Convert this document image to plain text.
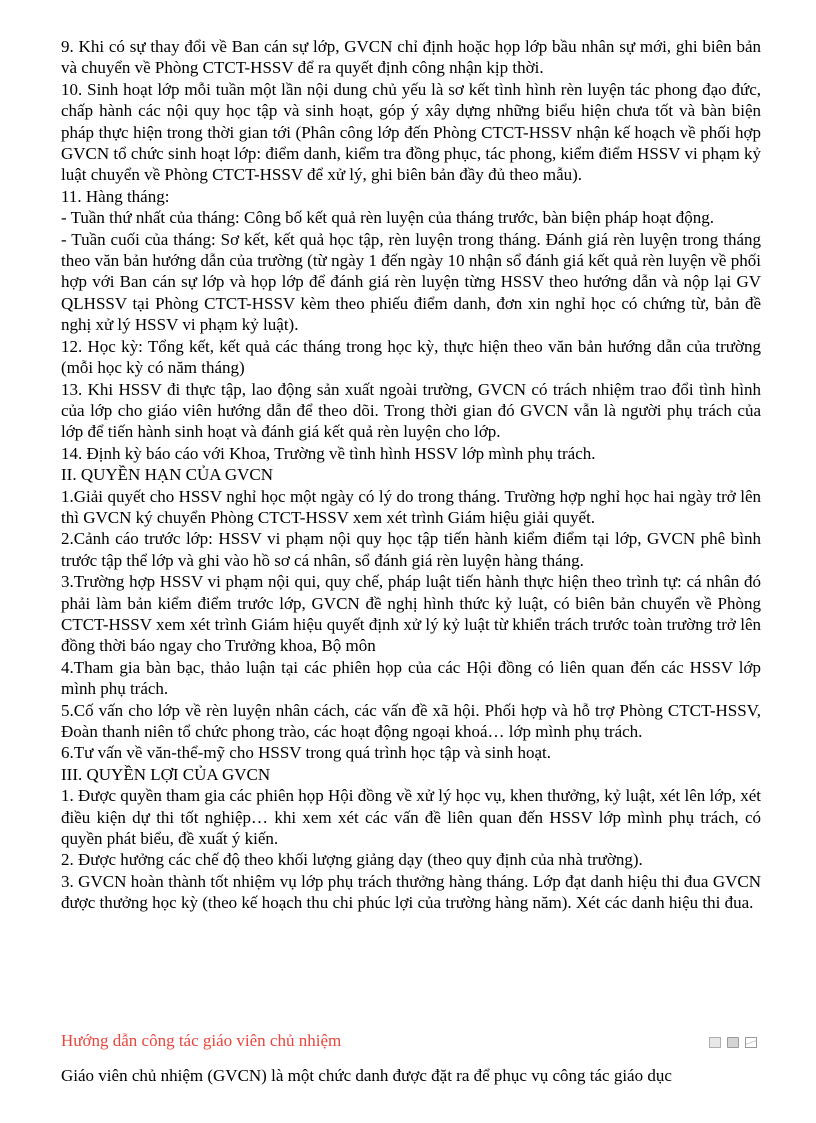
9. Khi có sự thay đổi về Ban cán sự lớp, GVCN chỉ định hoặc họp lớp bầu nhân sự mới, ghi biên bản và chuyển về Phòng CTCT-HSSV để ra quyết định công nhận kịp thời.

10. Sinh hoạt lớp mỗi tuần một lần nội dung chủ yếu là sơ kết tình hình rèn luyện tác phong đạo đức, chấp hành các nội quy học tập và sinh hoạt, góp ý xây dựng những biểu hiện chưa tốt và bàn biện pháp thực hiện trong thời gian tới (Phân công lớp đến Phòng CTCT-HSSV nhận kế hoạch về phối hợp GVCN tổ chức sinh hoạt lớp: điểm danh, kiểm tra đồng phục, tác phong, kiểm điểm HSSV vi phạm kỷ luật chuyển về Phòng CTCT-HSSV để xử lý, ghi biên bản đầy đủ theo mẫu).

11. Hàng tháng:

- Tuần thứ nhất của tháng: Công bố kết quả rèn luyện của tháng trước, bàn biện pháp hoạt động.

- Tuần cuối của tháng: Sơ kết, kết quả học tập, rèn luyện trong tháng. Đánh giá rèn luyện trong tháng theo văn bản hướng dẫn của trường (từ ngày 1 đến ngày 10 nhận sổ đánh giá kết quả rèn luyện về phối hợp với Ban cán sự lớp và họp lớp để đánh giá rèn luyện từng HSSV theo hướng dẫn và nộp lại GV QLHSSV tại Phòng CTCT-HSSV kèm theo phiếu điểm danh, đơn xin nghỉ học có chứng từ, bản đề nghị xử lý HSSV vi phạm kỷ luật).

12. Học kỳ: Tổng kết, kết quả các tháng trong học kỳ, thực hiện theo văn bản hướng dẫn của trường (mỗi học kỳ có năm tháng)

13. Khi HSSV đi thực tập, lao động sản xuất ngoài trường, GVCN có trách nhiệm trao đổi tình hình của lớp cho giáo viên hướng dẫn để theo dõi. Trong thời gian đó GVCN vẫn là người phụ trách của lớp để tiến hành sinh hoạt và đánh giá kết quả rèn luyện cho lớp.

14. Định kỳ báo cáo với Khoa, Trường về tình hình HSSV lớp mình phụ trách.

II. QUYỀN HẠN CỦA GVCN

1.Giải quyết cho HSSV nghỉ học một ngày có lý do trong tháng. Trường hợp nghỉ học hai ngày trở lên thì GVCN ký chuyển Phòng CTCT-HSSV xem xét trình Giám hiệu giải quyết.

2.Cảnh cáo trước lớp: HSSV vi phạm nội quy học tập tiến hành kiểm điểm tại lớp, GVCN phê bình trước tập thể lớp và ghi vào hồ sơ cá nhân, sổ đánh giá rèn luyện hàng tháng.

3.Trường hợp HSSV vi phạm nội qui, quy chế, pháp luật tiến hành thực hiện theo trình tự: cá nhân đó phải làm bản kiểm điểm trước lớp, GVCN đề nghị hình thức kỷ luật, có biên bản chuyển về Phòng CTCT-HSSV xem xét trình Giám hiệu quyết định xử lý kỷ luật từ khiển trách trước toàn trường trở lên đồng thời báo ngay cho Trưởng khoa, Bộ môn

4.Tham gia bàn bạc, thảo luận tại các phiên họp của các Hội đồng có liên quan đến các HSSV lớp mình phụ trách.

5.Cố vấn cho lớp về rèn luyện nhân cách, các vấn đề xã hội. Phối hợp và hỗ trợ Phòng CTCT-HSSV, Đoàn thanh niên tổ chức phong trào, các hoạt động ngoại khoá… lớp mình phụ trách.

6.Tư vấn về văn-thể-mỹ cho HSSV trong quá trình học tập và sinh hoạt.

III. QUYỀN LỢI CỦA GVCN

1. Được quyền tham gia các phiên họp Hội đồng về xử lý học vụ, khen thưởng, kỷ luật, xét lên lớp, xét điều kiện dự thi tốt nghiệp… khi xem xét các vấn đề liên quan đến HSSV lớp mình phụ trách, có quyền phát biểu, đề xuất ý kiến.

2. Được hưởng các chế độ theo khối lượng giảng dạy (theo quy định của nhà trường).

3. GVCN hoàn thành tốt nhiệm vụ lớp phụ trách thưởng hàng tháng. Lớp đạt danh hiệu thi đua GVCN được thưởng học kỳ (theo kế hoạch thu chi phúc lợi của trường hàng năm). Xét các danh hiệu thi đua.

Hướng dẫn công tác giáo viên chủ nhiệm
Giáo viên chủ nhiệm (GVCN) là một chức danh được đặt ra để phục vụ công tác giáo dục
